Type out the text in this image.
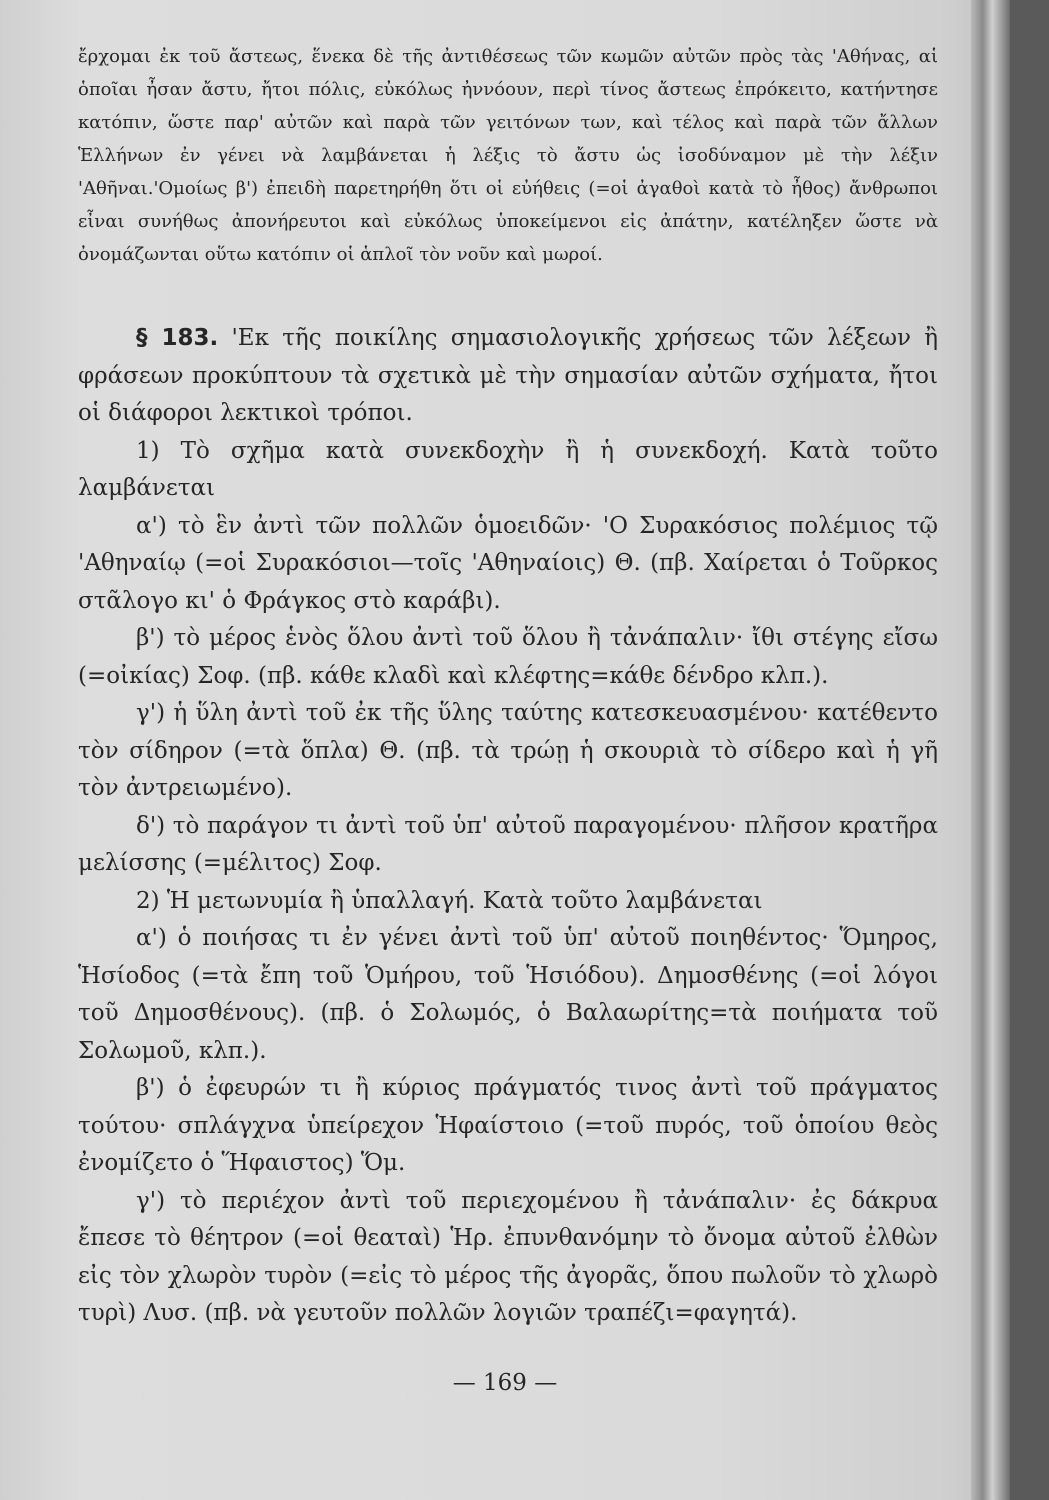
ἔρχομαι ἐκ τοῦ ἄστεως, ἕνεκα δὲ τῆς ἀντιθέσεως τῶν κωμῶν αὐτῶν πρὸς τὰς 'Αθήνας, αἱ ὁποῖαι ἦσαν ἄστυ, ἤτοι πόλις, εὐκόλως ἠννόουν, περὶ τίνος ἄστεως ἐπρόκειτο, κατήντησε κατόπιν, ὥστε παρ' αὐτῶν καὶ παρὰ τῶν γειτόνων των, καὶ τέλος καὶ παρὰ τῶν ἄλλων Ἑλλήνων ἐν γένει νὰ λαμβάνεται ἡ λέξις τὸ ἄστυ ὡς ἰσοδύναμον μὲ τὴν λέξιν 'Αθῆναι.'Ομοίως β') ἐπειδὴ παρετηρήθη ὅτι οἱ εὐήθεις (=οἱ ἀγαθοὶ κατὰ τὸ ἦθος) ἄνθρωποι εἶναι συνήθως ἀπονήρευτοι καὶ εὐκόλως ὑποκείμενοι εἰς ἀπάτην, κατέληξεν ὥστε νὰ ὀνομάζωνται οὕτω κατόπιν οἱ ἁπλοῖ τὸν νοῦν καὶ μωροί.

§ 183. 'Εκ τῆς ποικίλης σημασιολογικῆς χρήσεως τῶν λέξεων ἢ φράσεων προκύπτουν τὰ σχετικὰ μὲ τὴν σημασίαν αὐτῶν σχήματα, ἤτοι οἱ διάφοροι λεκτικοὶ τρόποι.

1) Τὸ σχῆμα κατὰ συνεκδοχὴν ἢ ἡ συνεκδοχή. Κατὰ τοῦτο λαμβάνεται

α') τὸ ἓν ἀντὶ τῶν πολλῶν ὁμοειδῶν· 'Ο Συρακόσιος πολέμιος τῷ 'Αθηναίῳ (=οἱ Συρακόσιοι—τοῖς 'Αθηναίοις) Θ. (πβ. Χαίρεται ὁ Τοῦρκος στᾶλογο κι' ὁ Φράγκος στὸ καράβι).

β') τὸ μέρος ἑνὸς ὅλου ἀντὶ τοῦ ὅλου ἢ τἀνάπαλιν· ἴθι στέγης εἴσω (=οἰκίας) Σοφ. (πβ. κάθε κλαδὶ καὶ κλέφτης=κάθε δένδρο κλπ.).

γ') ἡ ὕλη ἀντὶ τοῦ ἐκ τῆς ὕλης ταύτης κατεσκευασμένου· κατέθεντο τὸν σίδηρον (=τὰ ὅπλα) Θ. (πβ. τὰ τρώῃ ἡ σκουριὰ τὸ σίδερο καὶ ἡ γῆ τὸν ἀντρειωμένο).

δ') τὸ παράγον τι ἀντὶ τοῦ ὑπ' αὐτοῦ παραγομένου· πλῆσον κρατῆρα μελίσσης (=μέλιτος) Σοφ.

2) Ἡ μετωνυμία ἢ ὑπαλλαγή. Κατὰ τοῦτο λαμβάνεται

α') ὁ ποιήσας τι ἐν γένει ἀντὶ τοῦ ὑπ' αὐτοῦ ποιηθέντος· Ὅμηρος, Ἡσίοδος (=τὰ ἔπη τοῦ Ὁμήρου, τοῦ Ἡσιόδου). Δημοσθένης (=οἱ λόγοι τοῦ Δημοσθένους). (πβ. ὁ Σολωμός, ὁ Βαλαωρίτης=τὰ ποιήματα τοῦ Σολωμοῦ, κλπ.).

β') ὁ ἐφευρών τι ἢ κύριος πράγματός τινος ἀντὶ τοῦ πράγματος τούτου· σπλάγχνα ὑπείρεχον Ἡφαίστοιο (=τοῦ πυρός, τοῦ ὁποίου θεὸς ἐνομίζετο ὁ Ἥφαιστος) Ὅμ.

γ') τὸ περιέχον ἀντὶ τοῦ περιεχομένου ἢ τἀνάπαλιν· ἐς δάκρυα ἔπεσε τὸ θέητρον (=οἱ θεαταὶ) Ἡρ. ἐπυνθανόμην τὸ ὄνομα αὐτοῦ ἐλθὼν εἰς τὸν χλωρὸν τυρὸν (=εἰς τὸ μέρος τῆς ἀγορᾶς, ὅπου πωλοῦν τὸ χλωρὸ τυρὶ) Λυσ. (πβ. νὰ γευτοῦν πολλῶν λογιῶν τραπέζι=φαγητά).

— 169 —
